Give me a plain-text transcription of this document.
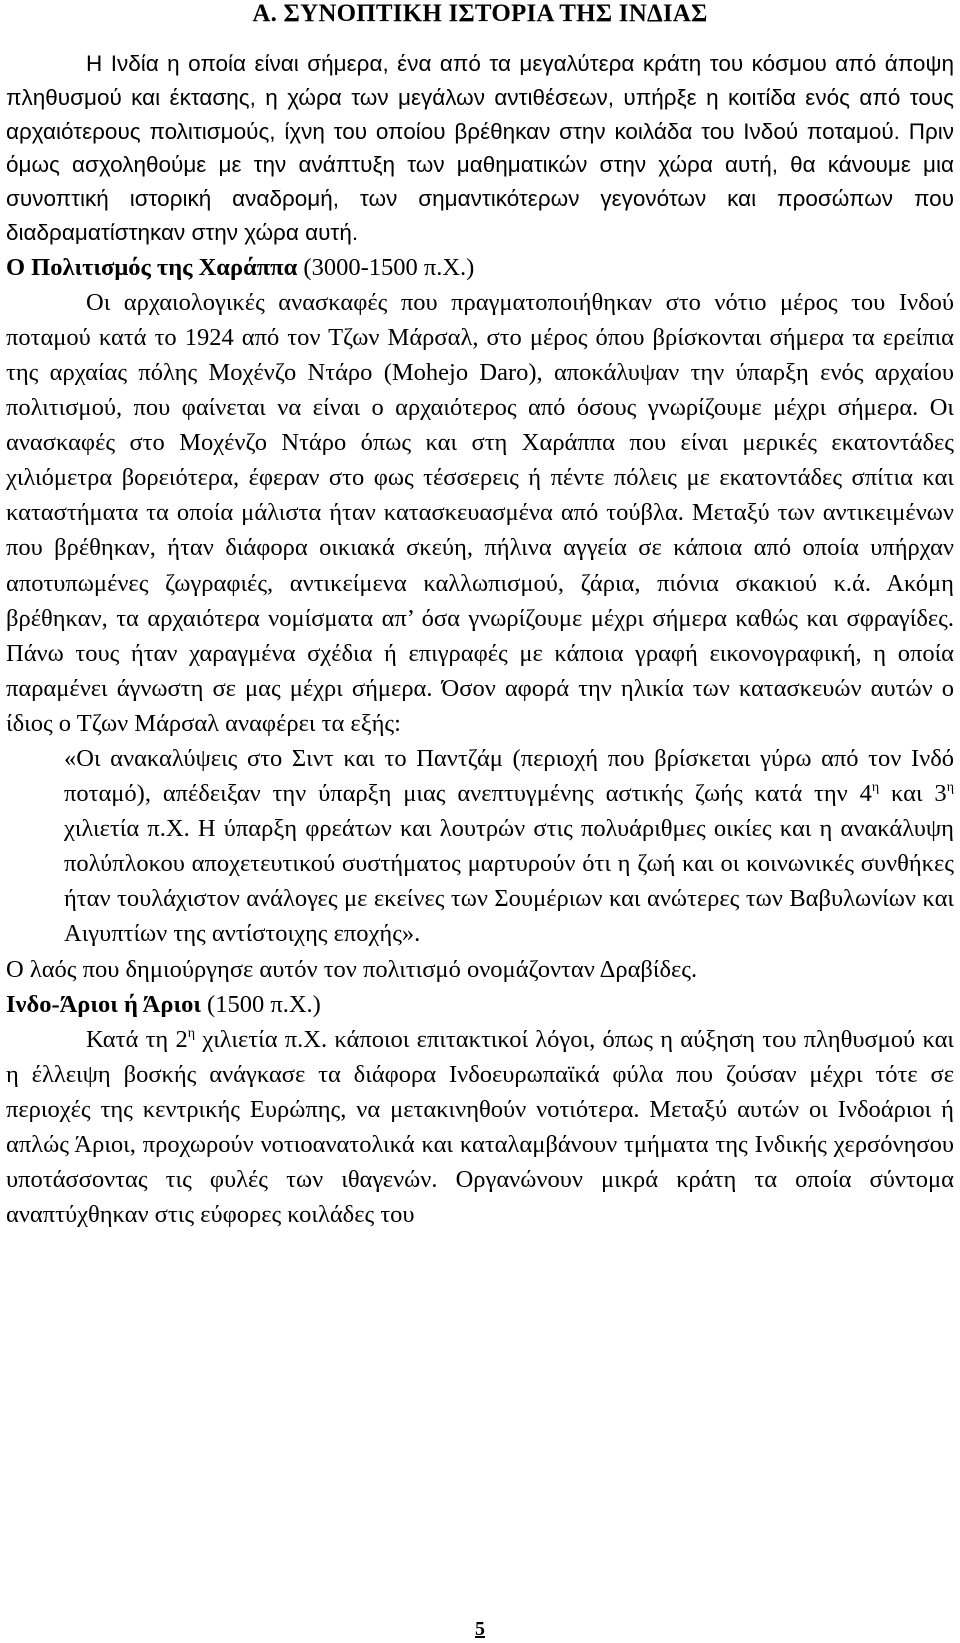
Α. ΣΥΝΟΠΤΙΚΗ ΙΣΤΟΡΙΑ ΤΗΣ ΙΝΔΙΑΣ

Η Ινδία η οποία είναι σήμερα, ένα από τα μεγαλύτερα κράτη του κόσμου από άποψη πληθυσμού και έκτασης, η χώρα των μεγάλων αντιθέσεων, υπήρξε η κοιτίδα ενός από τους αρχαιότερους πολιτισμούς, ίχνη του οποίου βρέθηκαν στην κοιλάδα του Ινδού ποταμού. Πριν όμως ασχοληθούμε με την ανάπτυξη των μαθηματικών στην χώρα αυτή, θα κάνουμε μια συνοπτική ιστορική αναδρομή, των σημαντικότερων γεγονότων και προσώπων που διαδραματίστηκαν στην χώρα αυτή.

Ο Πολιτισμός της Χαράππα (3000-1500 π.Χ.)

Οι αρχαιολογικές ανασκαφές που πραγματοποιήθηκαν στο νότιο μέρος του Ινδού ποταμού κατά το 1924 από τον Τζων Μάρσαλ, στο μέρος όπου βρίσκονται σήμερα τα ερείπια της αρχαίας πόλης Μοχένζο Ντάρο (Mohejo Daro), αποκάλυψαν την ύπαρξη ενός αρχαίου πολιτισμού, που φαίνεται να είναι ο αρχαιότερος από όσους γνωρίζουμε μέχρι σήμερα. Οι ανασκαφές στο Μοχένζο Ντάρο όπως και στη Χαράππα που είναι μερικές εκατοντάδες χιλιόμετρα βορειότερα, έφεραν στο φως τέσσερεις ή πέντε πόλεις με εκατοντάδες σπίτια και καταστήματα τα οποία μάλιστα ήταν κατασκευασμένα από τούβλα. Μεταξύ των αντικειμένων που βρέθηκαν, ήταν διάφορα οικιακά σκεύη, πήλινα αγγεία σε κάποια από οποία υπήρχαν αποτυπωμένες ζωγραφιές, αντικείμενα καλλωπισμού, ζάρια, πιόνια σκακιού κ.ά. Ακόμη βρέθηκαν, τα αρχαιότερα νομίσματα απ’ όσα γνωρίζουμε μέχρι σήμερα καθώς και σφραγίδες. Πάνω τους ήταν χαραγμένα σχέδια ή επιγραφές με κάποια γραφή εικονογραφική, η οποία παραμένει άγνωστη σε μας μέχρι σήμερα. Όσον αφορά την ηλικία των κατασκευών αυτών ο ίδιος ο Τζων Μάρσαλ αναφέρει τα εξής:

«Οι ανακαλύψεις στο Σιντ και το Παντζάμ (περιοχή που βρίσκεται γύρω από τον Ινδό ποταμό), απέδειξαν την ύπαρξη μιας ανεπτυγμένης αστικής ζωής κατά την $4^\eta$ και $3^\eta$ χιλιετία π.Χ. Η ύπαρξη φρεάτων και λουτρών στις πολυάριθμες οικίες και η ανακάλυψη πολύπλοκου αποχετευτικού συστήματος μαρτυρούν ότι η ζωή και οι κοινωνικές συνθήκες ήταν τουλάχιστον ανάλογες με εκείνες των Σουμέριων και ανώτερες των Βαβυλωνίων και Αιγυπτίων της αντίστοιχης εποχής».

Ο λαός που δημιούργησε αυτόν τον πολιτισμό ονομάζονταν Δραβίδες.

Ινδο-Άριοι ή Άριοι (1500 π.Χ.)

Κατά τη $2^\eta$ χιλιετία π.Χ. κάποιοι επιτακτικοί λόγοι, όπως η αύξηση του πληθυσμού και η έλλειψη βοσκής ανάγκασε τα διάφορα Ινδοευρωπαϊκά φύλα που ζούσαν μέχρι τότε σε περιοχές της κεντρικής Ευρώπης, να μετακινηθούν νοτιότερα. Μεταξύ αυτών οι Ινδοάριοι ή απλώς Άριοι, προχωρούν νοτιοανατολικά και καταλαμβάνουν τμήματα της Ινδικής χερσόνησου υποτάσσοντας τις φυλές των ιθαγενών. Οργανώνουν μικρά κράτη τα οποία σύντομα αναπτύχθηκαν στις εύφορες κοιλάδες του

5
